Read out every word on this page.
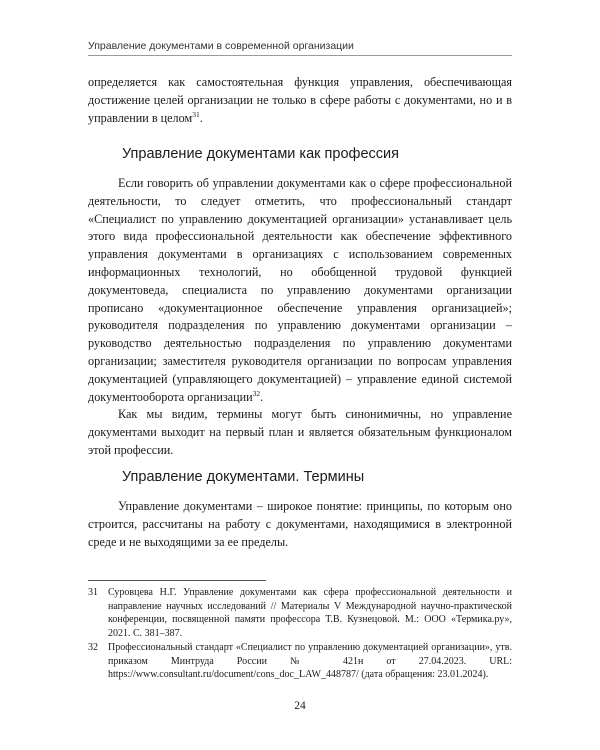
Управление документами в современной организации

определяется как самостоятельная функция управления, обеспечивающая достижение целей организации не только в сфере работы с документами, но и в управлении в целом$^{31}$.

Управление документами как профессия

Если говорить об управлении документами как о сфере профессиональной деятельности, то следует отметить, что профессиональный стандарт «Специалист по управлению документацией организации» устанавливает цель этого вида профессиональной деятельности как обеспечение эффективного управления документами в организациях с использованием современных информационных технологий, но обобщенной трудовой функцией документоведа, специалиста по управлению документами организации прописано «документационное обеспечение управления организацией»; руководителя подразделения по управлению документами организации – руководство деятельностью подразделения по управлению документами организации; заместителя руководителя организации по вопросам управления документацией (управляющего документацией) – управление единой системой документооборота организации$^{32}$.

Как мы видим, термины могут быть синонимичны, но управление документами выходит на первый план и является обязательным функционалом этой профессии.

Управление документами. Термины

Управление документами – широкое понятие: принципы, по которым оно строится, рассчитаны на работу с документами, находящимися в электронной среде и не выходящими за ее пределы.

31	Суровцева Н.Г. Управление документами как сфера профессиональной деятельности и направление научных исследований // Материалы V Международной научно-практической конференции, посвященной памяти профессора Т.В. Кузнецовой. М.: ООО «Термика.ру», 2021. С. 381–387.
32	Профессиональный стандарт «Специалист по управлению документацией организации», утв. приказом Минтруда России № 421н от 27.04.2023. URL: https://www.consultant.ru/document/cons_doc_LAW_448787/ (дата обращения: 23.01.2024).
24
